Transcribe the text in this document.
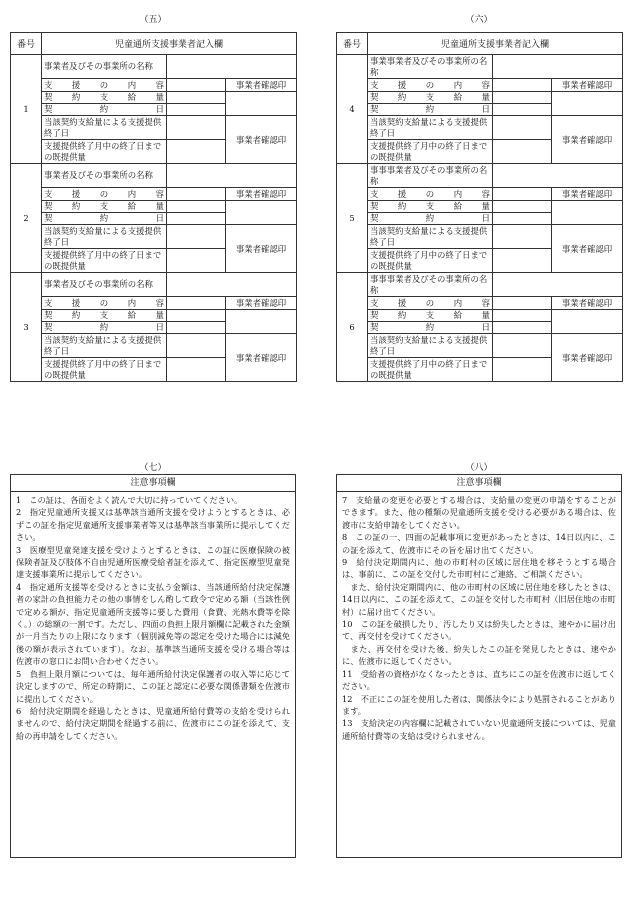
（五）
番号	児童通所支援事業者記入欄		
1	事業者及びその事業所の名称		
	支　援　の　内　容		事業者確認印
	契　約　支　給　量		
	契　　　約　　　日		
	当該契約支給量による支援提供終了日		事業者確認印
	支援提供終了月中の終了日までの既提供量		
2	事業者及びその事業所の名称		
	支　援　の　内　容		事業者確認印
	契　約　支　給　量		
	契　　　約　　　日		
	当該契約支給量による支援提供終了日		事業者確認印
	支援提供終了月中の終了日までの既提供量		
3	事業者及びその事業所の名称		
	支　援　の　内　容		事業者確認印
	契　約　支　給　量		
	契　　　約　　　日		
	当該契約支給量による支援提供終了日		事業者確認印
	支援提供終了月中の終了日までの既提供量		
（六）
番号	児童通所支援事業者記入欄		
4	事業事業者及びその事業所の名称		
	支　援　の　内　容		事業者確認印
	契　約　支　給　量		
	契　　　約　　　日		
	当該契約支給量による支援提供終了日		事業者確認印
	支援提供終了月中の終了日までの既提供量		
5	事事事業者及びその事業所の名称		
	支　援　の　内　容		事業者確認印
	契　約　支　給　量		
	契　　　約　　　日		
	当該契約支給量による支援提供終了日		事業者確認印
	支援提供終了月中の終了日までの既提供量		
6	事事事業者及びその事業所の名称		
	支　援　の　内　容		事業者確認印
	契　約　支　給　量		
	契　　　約　　　日		
	当該契約支給量による支援提供終了日		事業者確認印
	支援提供終了月中の終了日までの既提供量		
（七）
注意事項欄

1　この証は、各面をよく読んで大切に持っていてください。

2　指定児童通所支援又は基準該当通所支援を受けようとするときは、必ずこの証を指定児童通所支援事業者等又は基準該当事業所に提示してください。

3　医療型児童発達支援を受けようとするときは、この証に医療保険の被保険者証及び肢体不自由児通所医療受給者証を添えて、指定医療型児童発達支援事業所に提示してください。

4　指定通所支援等を受けるときに支払う金額は、当該通所給付決定保護者の家計の負担能力その他の事情をしん酌して政令で定める額（当該性例で定める額が、指定児童通所支援等に要した費用（食費、光熱水費等を除く。）の総額の一割です。ただし、四面の負担上限月額欄に記載された金額が一月当たりの上限になります（個別減免等の認定を受けた場合には減免後の額が表示されています）。なお、基準該当通所支援を受ける場合等は佐渡市の窓口にお問い合わせください。

5　負担上限月額については、毎年通所給付決定保護者の収入等に応じて決定しますので、所定の時期に、この証と認定に必要な関係書類を佐渡市に提出してください。

6　給付決定期間を経過したときは、児童通所給付費等の支給を受けられませんので、給付決定期間を経過する前に、佐渡市にこの証を添えて、支給の再申請をしてください。

（八）
注意事項欄

7　支給量の変更を必要とする場合は、支給量の変更の申請をすることができます。また、他の種類の児童通所支援を受ける必要がある場合は、佐渡市に支給申請をしてください。

8　この証の一、四面の記載事項に変更があったときは、14日以内に、この証を添えて、佐渡市にその旨を届け出てください。

9　給付決定期間内に、他の市町村の区域に居住地を移そうとする場合は、事前に、この証を交付した市町村にご連絡、ご相談ください。

　また、給付決定期間内に、他の市町村の区域に居住地を移したときは、14日以内に、この証を添えて、この証を交付した市町村（旧居住地の市町村）に届け出てください。

10　この証を破損したり、汚したり又は紛失したときは、速やかに届け出て、再交付を受けてください。

　また、再交付を受けた後、紛失したこの証を発見したときは、速やかに、佐渡市に返してください。

11　受給者の資格がなくなったときは、直ちにこの証を佐渡市に返してください。

12　不正にこの証を使用した者は、関係法令により処罰されることがあります。

13　支給決定の内容欄に記載されていない児童通所支援については、児童通所給付費等の支給は受けられません。
